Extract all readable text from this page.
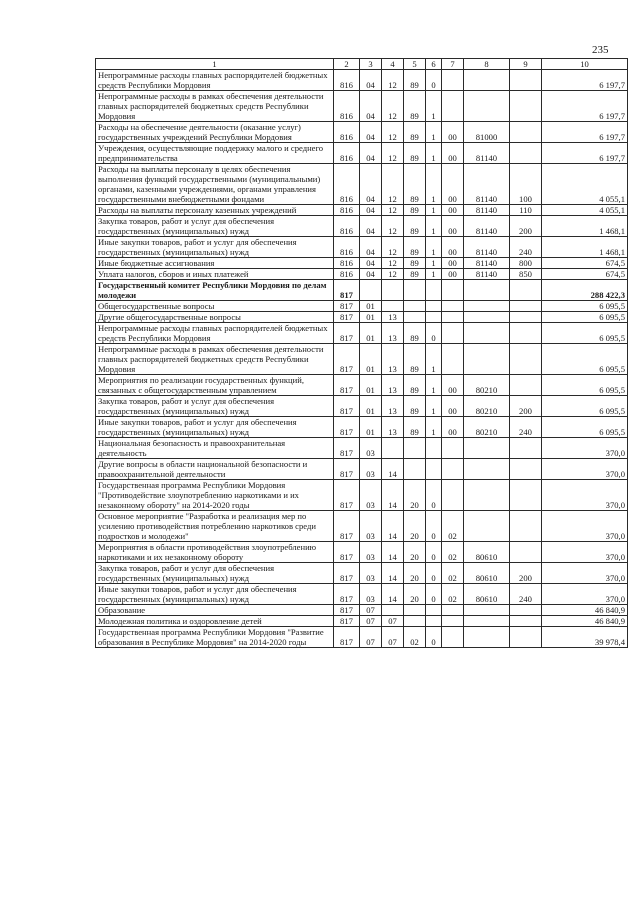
235
1	2	3	4	5	6	7	8	9	10
Непрограммные расходы главных распорядителей бюджетных средств Республики Мордовия	816	04	12	89	0				6 197,7
Непрограммные расходы в рамках обеспечения деятельности главных распорядителей бюджетных средств Республики Мордовия	816	04	12	89	1				6 197,7
Расходы на обеспечение деятельности (оказание услуг) государственных учреждений Республики Мордовия	816	04	12	89	1	00	81000		6 197,7
Учреждения, осуществляющие поддержку малого и среднего предпринимательства	816	04	12	89	1	00	81140		6 197,7
Расходы на выплаты персоналу в целях обеспечения выполнения функций государственными (муниципальными) органами, казенными учреждениями, органами управления государственными внебюджетными фондами	816	04	12	89	1	00	81140	100	4 055,1
Расходы на выплаты персоналу казенных учреждений	816	04	12	89	1	00	81140	110	4 055,1
Закупка товаров, работ и услуг для обеспечения государственных (муниципальных) нужд	816	04	12	89	1	00	81140	200	1 468,1
Иные закупки товаров, работ и услуг для обеспечения государственных (муниципальных) нужд	816	04	12	89	1	00	81140	240	1 468,1
Иные бюджетные ассигнования	816	04	12	89	1	00	81140	800	674,5
Уплата налогов, сборов и иных платежей	816	04	12	89	1	00	81140	850	674,5
Государственный комитет Республики Мордовия по делам молодежи	817								288 422,3
Общегосударственные вопросы	817	01							6 095,5
Другие общегосударственные вопросы	817	01	13						6 095,5
Непрограммные расходы главных распорядителей бюджетных средств Республики Мордовия	817	01	13	89	0				6 095,5
Непрограммные расходы в рамках обеспечения деятельности главных распорядителей бюджетных средств Республики Мордовия	817	01	13	89	1				6 095,5
Мероприятия по реализации государственных функций, связанных с общегосударственным управлением	817	01	13	89	1	00	80210		6 095,5
Закупка товаров, работ и услуг для обеспечения государственных (муниципальных) нужд	817	01	13	89	1	00	80210	200	6 095,5
Иные закупки товаров, работ и услуг для обеспечения государственных (муниципальных) нужд	817	01	13	89	1	00	80210	240	6 095,5
Национальная безопасность и правоохранительная деятельность	817	03							370,0
Другие вопросы в области национальной безопасности и правоохранительной деятельности	817	03	14						370,0
Государственная программа Республики Мордовия "Противодействие злоупотреблению наркотиками и их незаконному обороту" на 2014-2020 годы	817	03	14	20	0				370,0
Основное мероприятие "Разработка и реализация мер по усилению противодействия потреблению наркотиков среди подростков и молодежи"	817	03	14	20	0	02			370,0
Мероприятия в области противодействия злоупотреблению наркотиками и их незаконному обороту	817	03	14	20	0	02	80610		370,0
Закупка товаров, работ и услуг для обеспечения государственных (муниципальных) нужд	817	03	14	20	0	02	80610	200	370,0
Иные закупки товаров, работ и услуг для обеспечения государственных (муниципальных) нужд	817	03	14	20	0	02	80610	240	370,0
Образование	817	07							46 840,9
Молодежная политика и оздоровление детей	817	07	07						46 840,9
Государственная программа Республики Мордовия "Развитие образования в Республике Мордовия" на 2014-2020 годы	817	07	07	02	0				39 978,4
